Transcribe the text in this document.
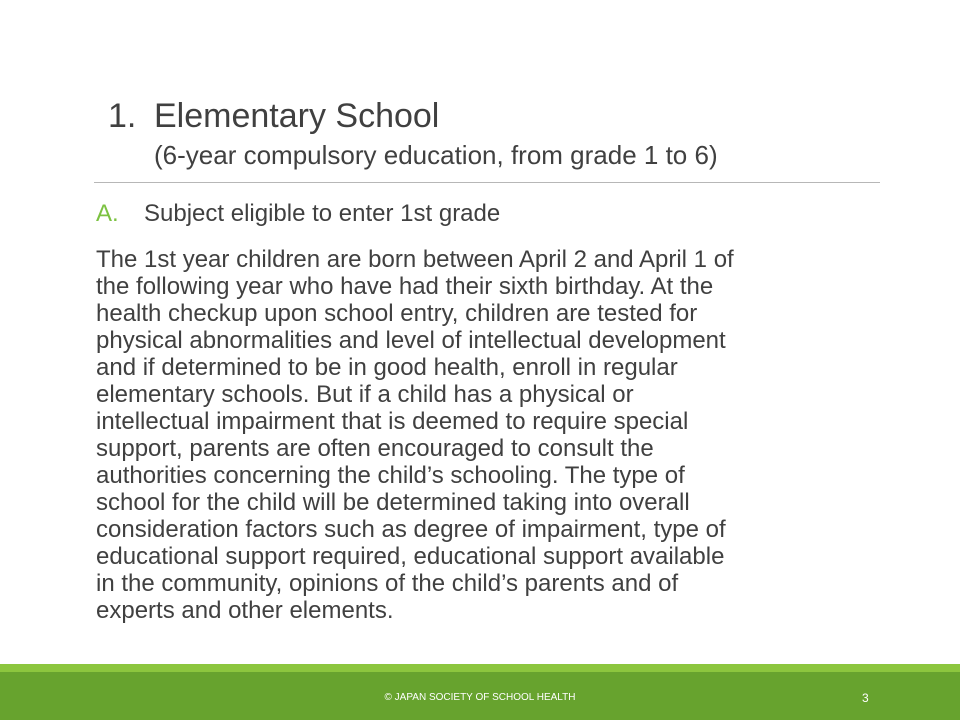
1. Elementary School
(6-year compulsory education, from grade 1 to 6)
A. Subject eligible to enter 1st grade
The 1st year children are born between April 2 and April 1 of
the following year who have had their sixth birthday. At the
health checkup upon school entry, children are tested for
physical abnormalities and level of intellectual development
and if determined to be in good health, enroll in regular
elementary schools. But if a child has a physical or
intellectual impairment that is deemed to require special
support, parents are often encouraged to consult the
authorities concerning the child’s schooling. The type of
school for the child will be determined taking into overall
consideration factors such as degree of impairment, type of
educational support required, educational support available
in the community, opinions of the child’s parents and of
experts and other elements.
© JAPAN SOCIETY OF SCHOOL HEALTH	3
